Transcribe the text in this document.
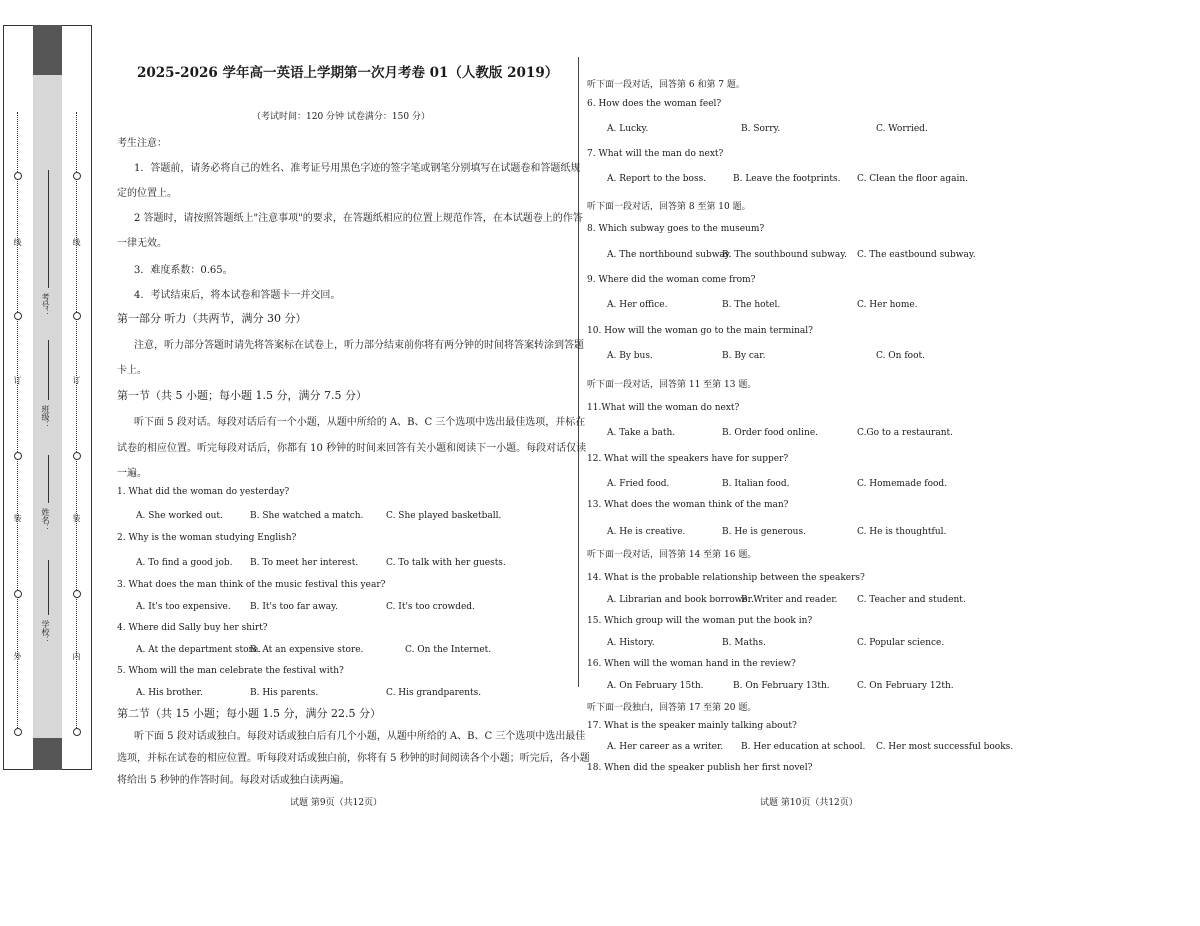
线
订
装
外
线
订
装
内
学校：
姓名：
班级：
考号：
2025-2026 学年高一英语上学期第一次月考卷 01（人教版 2019）
（考试时间：120 分钟 试卷满分：150 分）
考生注意：
1．答题前，请务必将自己的姓名、准考证号用黑色字迹的签字笔或钢笔分别填写在试题卷和答题纸规
定的位置上。
2 答题时，请按照答题纸上"注意事项"的要求，在答题纸相应的位置上规范作答，在本试题卷上的作答
一律无效。
3．难度系数：0.65。
4．考试结束后，将本试卷和答题卡一并交回。
第一部分 听力（共两节，满分 30 分）
注意，听力部分答题时请先将答案标在试卷上，听力部分结束前你将有两分钟的时间将答案转涂到答题
卡上。
第一节（共 5 小题；每小题 1.5 分，满分 7.5 分）
听下面 5 段对话。每段对话后有一个小题，从题中所给的 A、B、C 三个选项中选出最佳选项，并标在
试卷的相应位置。听完每段对话后，你都有 10 秒钟的时间来回答有关小题和阅读下一小题。每段对话仅读
一遍。
1. What did the woman do yesterday?
A. She worked out.	B. She watched a match.	C. She played basketball.
2. Why is the woman studying English?
A. To find a good job. B. To meet her interest.	C. To talk with her guests.
3. What does the man think of the music festival this year?
A. It's too expensive. B. It's too far away.	C. It's too crowded.
4. Where did Sally buy her shirt?
A. At the department store.
B. At an expensive store.	C. On the Internet.
5. Whom will the man celebrate the festival with?
A. His brother.	B. His parents.	C. His grandparents.
第二节（共 15 小题；每小题 1.5 分，满分 22.5 分）
听下面 5 段对话或独白。每段对话或独白后有几个小题，从题中所给的 A、B、C 三个选项中选出最佳
选项，并标在试卷的相应位置。听每段对话或独白前，你将有 5 秒钟的时间阅读各个小题；听完后，各小题
将给出 5 秒钟的作答时间。每段对话或独白读两遍。
试题 第9页（共12页）
听下面一段对话，回答第 6 和第 7 题。
6. How does the woman feel?
A. Lucky.	B. Sorry.	C. Worried.
7. What will the man do next?
A. Report to the boss.	B. Leave the footprints. C. Clean the floor again.
听下面一段对话，回答第 8 至第 10 题。
8. Which subway goes to the museum?
A. The northbound subway.
B. The southbound subway. C. The eastbound subway.
9. Where did the woman come from?
A. Her office.	B. The hotel.	C. Her home.
10. How will the woman go to the main terminal?
A. By bus.	B. By car.	C. On foot.
听下面一段对话，回答第 11 至第 13 题。
11.What will the woman do next?
A. Take a bath.	B. Order food online.	C.Go to a restaurant.
12. What will the speakers have for supper?
A. Fried food.	B. Italian food.	C. Homemade food.
13. What does the woman think of the man?
A. He is creative.	B. He is generous.	C. He is thoughtful.
听下面一段对话，回答第 14 至第 16 题。
14. What is the probable relationship between the speakers?
A. Librarian and book borrower.
B. Writer and reader. C. Teacher and student.
15. Which group will the woman put the book in?
A. History.	B. Maths.	C. Popular science.
16. When will the woman hand in the review?
A. On February 15th.	B. On February 13th.	C. On February 12th.
听下面一段独白，回答第 17 至第 20 题。
17. What is the speaker mainly talking about?
A. Her career as a writer. B. Her education at school. C. Her most successful books.
18. When did the speaker publish her first novel?
试题 第10页（共12页）
